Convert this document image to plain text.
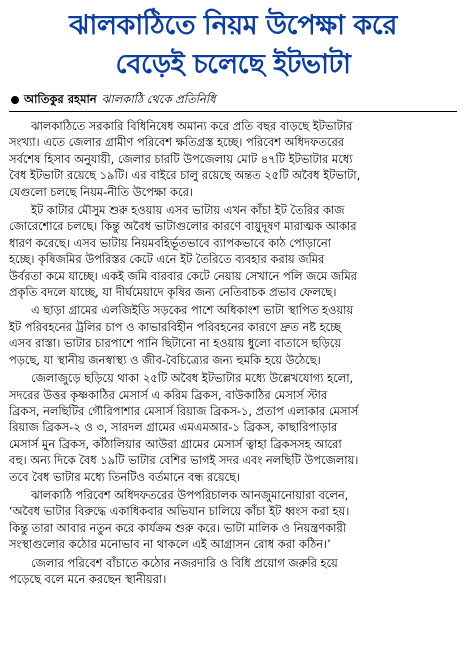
ঝালকাঠিতে নিয়ম উপেক্ষা করে
বেড়েই চলেছে ইটভাটা
আতিকুর রহমান ঝালকাঠি থেকে প্রতিনিধি

ঝালকাঠিতে সরকারি বিধিনিষেধ অমান্য করে প্রতি বছর বাড়ছে ইটভাটার
সংখ্যা। এতে জেলার গ্রামীণ পরিবেশ ক্ষতিগ্রস্ত হচ্ছে। পরিবেশ অধিদফতরের
সর্বশেষ হিসাব অনুযায়ী, জেলার চারটি উপজেলায় মোট ৪৭টি ইটভাটার মধ্যে
বৈধ ইটভাটা রয়েছে ১৯টি। এর বাইরে চালু রয়েছে অন্তত ২৫টি অবৈধ ইটভাটা,
যেগুলো চলছে নিয়ম-নীতি উপেক্ষা করে।

ইট কাটার মৌসুম শুরু হওয়ায় এসব ভাটায় এখন কাঁচা ইট তৈরির কাজ
জোরেশোরে চলছে। কিন্তু অবৈধ ভাটাগুলোর কারণে বায়ুদূষণ মারাত্মক আকার
ধারণ করেছে। এসব ভাটায় নিয়মবহির্ভূতভাবে ব্যাপকভাবে কাঠ পোড়ানো
হচ্ছে। কৃষিজমির উপরিস্তর কেটে এনে ইট তৈরিতে ব্যবহার করায় জমির
উর্বরতা কমে যাচ্ছে। একই জমি বারবার কেটে নেয়ায় সেখানে পলি জমে জমির
প্রকৃতি বদলে যাচ্ছে, যা দীর্ঘমেয়াদে কৃষির জন্য নেতিবাচক প্রভাব ফেলছে।

এ ছাড়া গ্রামের এলজিইডি সড়কের পাশে অধিকাংশ ভাটা স্থাপিত হওয়ায়
ইট পরিবহনের ট্রলির চাপ ও কাভারবিহীন পরিবহনের কারণে দ্রুত নষ্ট হচ্ছে
এসব রাস্তা। ভাটার চারপাশে পানি ছিটানো না হওয়ায় ধুলো বাতাসে ছড়িয়ে
পড়ছে, যা স্থানীয় জনস্বাস্থ্য ও জীব-বৈচিত্র্যের জন্য হুমকি হয়ে উঠেছে।

জেলাজুড়ে ছড়িয়ে থাকা ২৫টি অবৈধ ইটভাটার মধ্যে উল্লেখযোগ্য হলো,
সদরের উত্তর কৃষ্ণকাঠির মেসার্স এ করিম ব্রিকস, বাউকাঠির মেসার্স স্টার
ব্রিকস, নলছিটির গৌরিপাশার মেসার্স রিয়াজ ব্রিকস-১, প্রতাপ এলাকার মেসার্স
রিয়াজ ব্রিকস-২ ও ৩, সারদল গ্রামের এমএমআর-১ ব্রিকস, কাছারিপাড়ার
মেসার্স মুন ব্রিকস, কাঁঠালিয়ার আউরা গ্রামের মেসার্স ত্বাহা ব্রিকসসহ আরো
বহু। অন্য দিকে বৈধ ১৯টি ভাটার বেশির ভাগই সদর এবং নলছিটি উপজেলায়।
তবে বৈধ ভাটার মধ্যে তিনটিও বর্তমানে বন্ধ রয়েছে।

ঝালকাঠি পরিবেশ অধিদফতরের উপপরিচালক আনজুমানোয়ারা বলেন,
‘অবৈধ ভাটার বিরুদ্ধে একাধিকবার অভিযান চালিয়ে কাঁচা ইট ধ্বংস করা হয়।
কিন্তু তারা আবার নতুন করে কার্যক্রম শুরু করে। ভাটা মালিক ও নিয়ন্ত্রণকারী
সংস্থাগুলোর কঠোর মনোভাব না থাকলে এই আগ্রাসন রোধ করা কঠিন।’

জেলার পরিবেশ বাঁচাতে কঠোর নজরদারি ও বিধি প্রয়োগ জরুরি হয়ে
পড়েছে বলে মনে করছেন স্থানীয়রা।
